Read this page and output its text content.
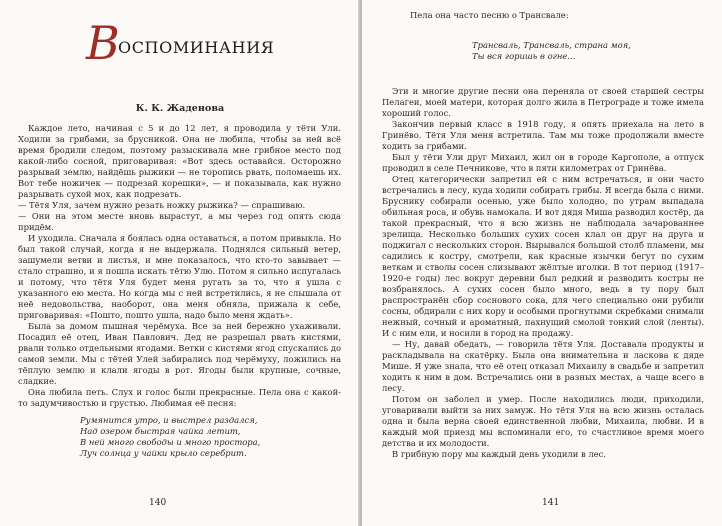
В
ОСПОМИНАНИЯ
К. К. Жаденова

Каждое лето, начиная с 5 и до 12 лет, я проводила у тёти Ули. Ходили за грибами, за брусникой. Она не любила, чтобы за ней всё время бродили следом, поэтому разыскивала мне грибное место под какой-либо сосной, приговаривая: «Вот здесь оставайся. Осторожно разрывай землю, найдёшь рыжики — не торопись рвать, поломаешь их. Вот тебе ножичек — подрезай корешки», — и показывала, как нужно разрывать сухой мох, как подрезать.

— Тётя Уля, зачем нужно резать ножку рыжика? — спрашиваю.

— Они на этом месте вновь вырастут, а мы через год опять сюда придём.

И уходила. Сначала я боялась одна оставаться, а потом привыкла. Но был такой случай, когда я не выдержала. Поднялся сильный ветер, зашумели ветви и листья, и мне показалось, что кто-то завывает — стало страшно, и я пошла искать тётю Улю. Потом я сильно испугалась и потому, что тётя Уля будет меня ругать за то, что я ушла с указанного ею места. Но когда мы с ней встретились, я не слышала от неё недовольства, наоборот, она меня обняла, прижала к себе, приговаривая: «Пошто, пошто ушла, надо было меня ждать».

Была за домом пышная черёмуха. Все за ней бережно ухаживали. Посадил её отец, Иван Павлович. Дед не разрешал рвать кистями, рвали только отдельными ягодами. Ветки с кистями ягод спускались до самой земли. Мы с тётей Улей забирались под черёмуху, ложились на тёплую землю и клали ягоды в рот. Ягоды были крупные, сочные, сладкие.

Она любила петь. Слух и голос были прекрасные. Пела она с какой-то задумчивостью и грустью. Любимая её песня:

Румянится утро, и выстрел раздался,
Над озером быстрая чайка летит,
В ней много свободы и много простора,
Луч солнца у чайки крыло серебрит.
140
Пела она часто песню о Трансвале:
Трансваль, Трансваль, страна моя,
Ты вся горишь в огне…

Эти и многие другие песни она переняла от своей старшей сестры Пелагеи, моей матери, которая долго жила в Петрограде и тоже имела хороший голос.

Закончив первый класс в 1918 году, я опять приехала на лето в Гринёво. Тётя Уля меня встретила. Там мы тоже продолжали вместе ходить за грибами.

Был у тёти Ули друг Михаил, жил он в городе Каргополе, а отпуск проводил в селе Печникове, что в пяти километрах от Гринёва.

Отец категорически запретил ей с ним встречаться, и они часто встречались в лесу, куда ходили собирать грибы. Я всегда была с ними. Бруснику собирали осенью, уже было холодно, по утрам выпадала обильная роса, и обувь намокала. И вот дядя Миша разводил костёр, да такой прекрасный, что я всю жизнь не наблюдала зачарованнее зрелища. Несколько больших сухих сосен клал он друг на друга и поджигал с нескольких сторон. Вырывался большой столб пламени, мы садились к костру, смотрели, как красные язычки бегут по сухим веткам и стволы сосен слизывают жёлтые иголки. В тот период (1917–1920-е годы) лес вокруг деревни был редкий и разводить костры не возбранялось. А сухих сосен было много, ведь в ту пору был распространён сбор соснового сока, для чего специально они рубили сосны, обдирали с них кору и особыми прогнутыми скребками снимали нежный, сочный и ароматный, пахнущий смолой тонкий слой (ленты). И с ним ели, и носили в город на продажу.

— Ну, давай обедать, — говорила тётя Уля. Доставала продукты и раскладывала на скатёрку. Была она внимательна и ласкова к дяде Мише. Я уже знала, что её отец отказал Михаилу в свадьбе и запретил ходить к ним в дом. Встречались они в разных местах, а чаще всего в лесу.

Потом он заболел и умер. После находились люди, приходили, уговаривали выйти за них замуж. Но тётя Уля на всю жизнь осталась одна и была верна своей единственной любви, Михаила, любви. И в каждый мой приезд мы вспоминали его, то счастливое время моего детства и их молодости.

В грибную пору мы каждый день уходили в лес.

141
